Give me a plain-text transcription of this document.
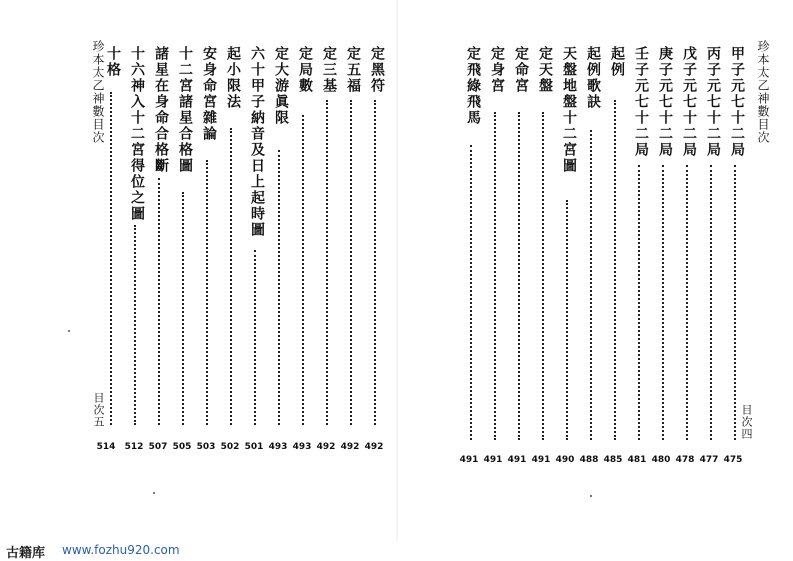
珍本太乙神數目次	定黑符
492
定五福
492
定三基
492
定局數
493
定大游眞限
493
六十甲子納音及日上起時圖
501
起小限法
502
安身命宮雜論
503
十二宮諸星合格圖
505
諸星在身命合格斷
507
十六神入十二宮得位之圖
512
十格
514
目次五
珍本太乙神數目次
甲子元七十二局
475
丙子元七十二局
477
戊子元七十二局
478
庚子元七十二局
480
壬子元七十二局
481
起例
485
起例歌訣
488
天盤地盤十二宮圖
490
定天盤
491
定命宮
491
定身宮
491
定飛綠飛馬
491
目次四
古籍库 www.fozhu920.com
